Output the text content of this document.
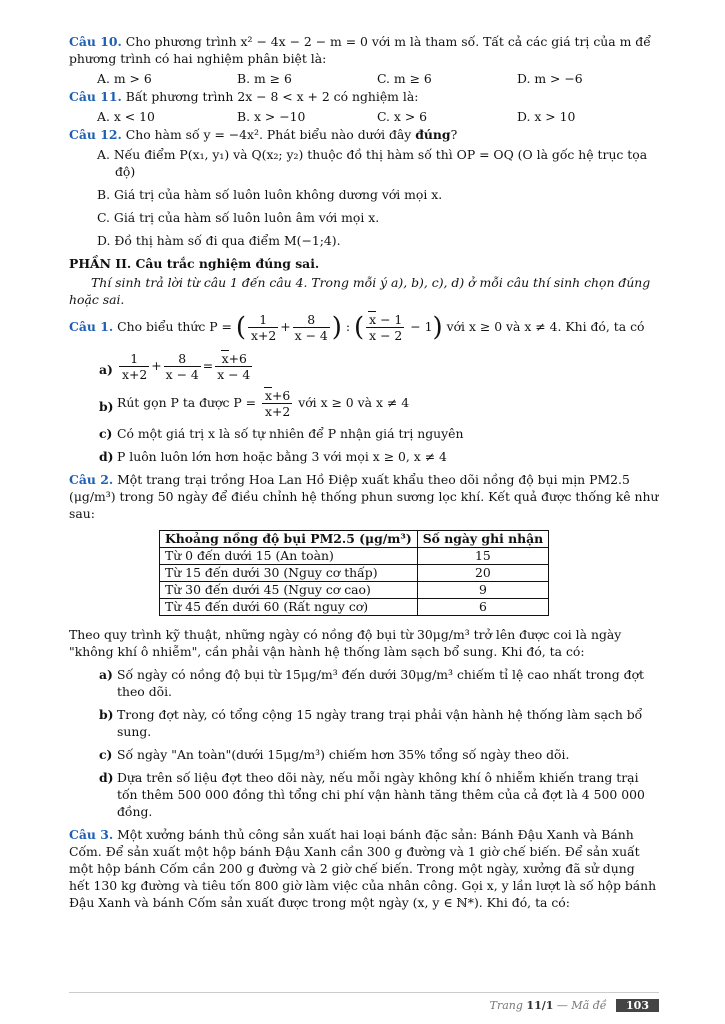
Câu 10. Cho phương trình x² − 4x − 2 − m = 0 với m là tham số. Tất cả các giá trị của m để phương trình có hai nghiệm phân biệt là:

A. m > 6	B. m ≥ 6	C. m ≥ 6	D. m > −6

Câu 11. Bất phương trình 2x − 8 < x + 2 có nghiệm là:

A. x < 10	B. x > −10	C. x > 6	D. x > 10

Câu 12. Cho hàm số y = −4x². Phát biểu nào dưới đây đúng?

A. Nếu điểm P(x₁, y₁) và Q(x₂; y₂) thuộc đồ thị hàm số thì OP = OQ (O là gốc hệ trục tọa độ)
B. Giá trị của hàm số luôn luôn không dương với mọi x.
C. Giá trị của hàm số luôn luôn âm với mọi x.
D. Đồ thị hàm số đi qua điểm M(−1;4).
PHẦN II. Câu trắc nghiệm đúng sai.

Thí sinh trả lời từ câu 1 đến câu 4. Trong mỗi ý a), b), c), d) ở mỗi câu thí sinh chọn đúng hoặc sai.

Câu 1. Cho biểu thức P = ( $\frac{1}{x+2} + \frac{8}{x - 4}$ ) : ( $\frac{x - 1}{x - 2} - 1$) với x ≥ 0 và x ≠ 4. Khi đó, ta có

$a) \frac{1}{x+2} + \frac{8}{x - 4} = \frac{x+6}{x - 4}$
b) Rút gọn P ta được $P = \frac{x+6}{x+2}$ với x ≥ 0 và x ≠ 4
c) Có một giá trị x là số tự nhiên để P nhận giá trị nguyên
d) P luôn luôn lớn hơn hoặc bằng 3 với mọi x ≥ 0, x ≠ 4

Câu 2. Một trang trại trồng Hoa Lan Hồ Điệp xuất khẩu theo dõi nồng độ bụi mịn PM2.5 (μg/m³) trong 50 ngày để điều chỉnh hệ thống phun sương lọc khí. Kết quả được thống kê như sau:

Khoảng nồng độ bụi PM2.5 (μg/m³)	Số ngày ghi nhận
Từ 0 đến dưới 15 (An toàn)	15
Từ 15 đến dưới 30 (Nguy cơ thấp)	20
Từ 30 đến dưới 45 (Nguy cơ cao)	9
Từ 45 đến dưới 60 (Rất nguy cơ)	6

Theo quy trình kỹ thuật, những ngày có nồng độ bụi từ 30μg/m³ trở lên được coi là ngày "không khí ô nhiễm", cần phải vận hành hệ thống làm sạch bổ sung. Khi đó, ta có:

a) Số ngày có nồng độ bụi từ 15μg/m³ đến dưới 30μg/m³ chiếm tỉ lệ cao nhất trong đợt theo dõi.
b) Trong đợt này, có tổng cộng 15 ngày trang trại phải vận hành hệ thống làm sạch bổ sung.
c) Số ngày "An toàn"(dưới 15μg/m³) chiếm hơn 35% tổng số ngày theo dõi.
d) Dựa trên số liệu đợt theo dõi này, nếu mỗi ngày không khí ô nhiễm khiến trang trại tốn thêm 500 000 đồng thì tổng chi phí vận hành tăng thêm của cả đợt là 4 500 000 đồng.

Câu 3. Một xưởng bánh thủ công sản xuất hai loại bánh đặc sản: Bánh Đậu Xanh và Bánh Cốm. Để sản xuất một hộp bánh Đậu Xanh cần 300 g đường và 1 giờ chế biến. Để sản xuất một hộp bánh Cốm cần 200 g đường và 2 giờ chế biến. Trong một ngày, xưởng đã sử dụng hết 130 kg đường và tiêu tốn 800 giờ làm việc của nhân công. Gọi x, y lần lượt là số hộp bánh Đậu Xanh và bánh Cốm sản xuất được trong một ngày (x, y ∈ ℕ*). Khi đó, ta có:

Trang 11/1 — Mã đề 103
